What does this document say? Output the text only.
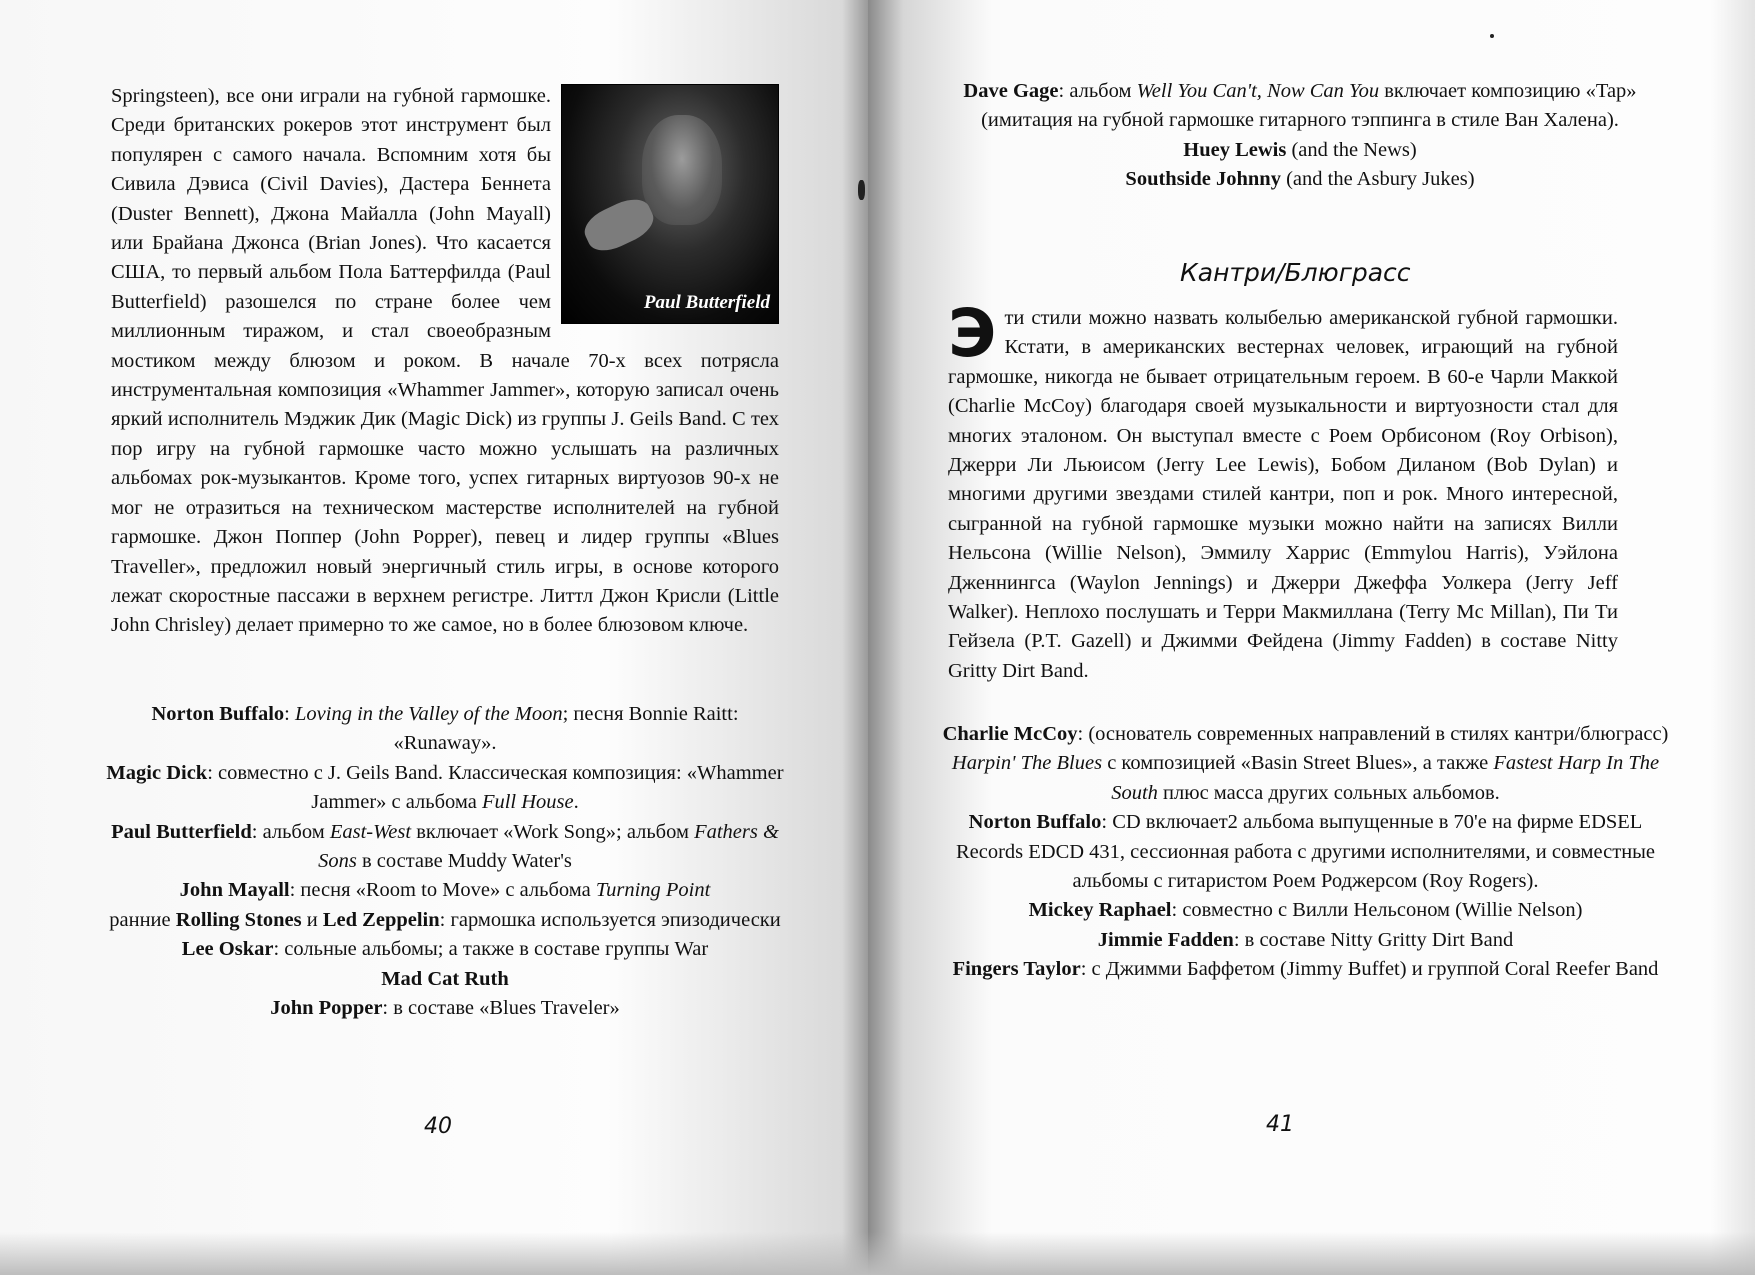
Paul Butterfield
Springsteen), все они играли на губной гармошке. Среди британских рокеров этот инструмент был популярен с самого начала. Вспомним хотя бы Сивила Дэвиса (Civil Davies), Дастера Беннета (Duster Bennett), Джона Майалла (John Mayall) или Брайана Джонса (Brian Jones). Что касается США, то первый альбом Пола Баттерфилда (Paul Butterfield) разошелся по стране более чем миллионным тиражом, и стал своеобразным мостиком между блюзом и роком. В начале 70-х всех потрясла инструментальная композиция «Whammer Jammer», которую записал очень яркий исполнитель Мэджик Дик (Magic Dick) из группы J. Geils Band. С тех пор игру на губной гармошке часто можно услышать на различных альбомах рок-музыкантов. Кроме того, успех гитарных виртуозов 90-х не мог не отразиться на техническом мастерстве исполнителей на губной гармошке. Джон Поппер (John Popper), певец и лидер группы «Blues Traveller», предложил новый энергичный стиль игры, в основе которого лежат скоростные пассажи в верхнем регистре. Литтл Джон Крисли (Little John Chrisley) делает примерно то же самое, но в более блюзовом ключе.

Norton Buffalo: Loving in the Valley of the Moon; песня Bonnie Raitt: «Runaway».

Magic Dick: совместно с J. Geils Band. Классическая композиция: «Whammer Jammer» с альбома Full House.

Paul Butterfield: альбом East-West включает «Work Song»; альбом Fathers & Sons в составе Muddy Water's

John Mayall: песня «Room to Move» с альбома Turning Point

ранние Rolling Stones и Led Zeppelin: гармошка используется эпизодически

Lee Oskar: сольные альбомы; а также в составе группы War

Mad Cat Ruth

John Popper: в составе «Blues Traveler»

40

Dave Gage: альбом Well You Can't, Now Can You включает композицию «Tap» (имитация на губной гармошке гитарного тэппинга в стиле Ван Халена).

Huey Lewis (and the News)

Southside Johnny (and the Asbury Jukes)

Кантри/Блюграсс
Эти стили можно назвать колыбелью американской губной гармошки. Кстати, в американских вестернах человек, играющий на губной гармошке, никогда не бывает отрицательным героем. В 60-е Чарли Маккой (Charlie McCoy) благодаря своей музыкальности и виртуозности стал для многих эталоном. Он выступал вместе с Роем Орбисоном (Roy Orbison), Джерри Ли Льюисом (Jerry Lee Lewis), Бобом Диланом (Bob Dylan) и многими другими звездами стилей кантри, поп и рок. Много интересной, сыгранной на губной гармошке музыки можно найти на записях Вилли Нельсона (Willie Nelson), Эммилу Харрис (Emmylou Harris), Уэйлона Дженнингса (Waylon Jennings) и Джерри Джеффа Уолкера (Jerry Jeff Walker). Неплохо послушать и Терри Макмиллана (Terry Mc Millan), Пи Ти Гейзела (P.T. Gazell) и Джимми Фейдена (Jimmy Fadden) в составе Nitty Gritty Dirt Band.

Charlie McCoy: (основатель современных направлений в стилях кантри/блюграсс) Harpin' The Blues с композицией «Basin Street Blues», а также Fastest Harp In The South плюс масса других сольных альбомов.

Norton Buffalo: CD включает2 альбома выпущенные в 70'е на фирме EDSEL Records EDCD 431, сессионная работа с другими исполнителями, и совместные альбомы с гитаристом Роем Роджерсом (Roy Rogers).

Mickey Raphael: совместно с Вилли Нельсоном (Willie Nelson)

Jimmie Fadden: в составе Nitty Gritty Dirt Band

Fingers Taylor: с Джимми Баффетом (Jimmy Buffet) и группой Coral Reefer Band

41
